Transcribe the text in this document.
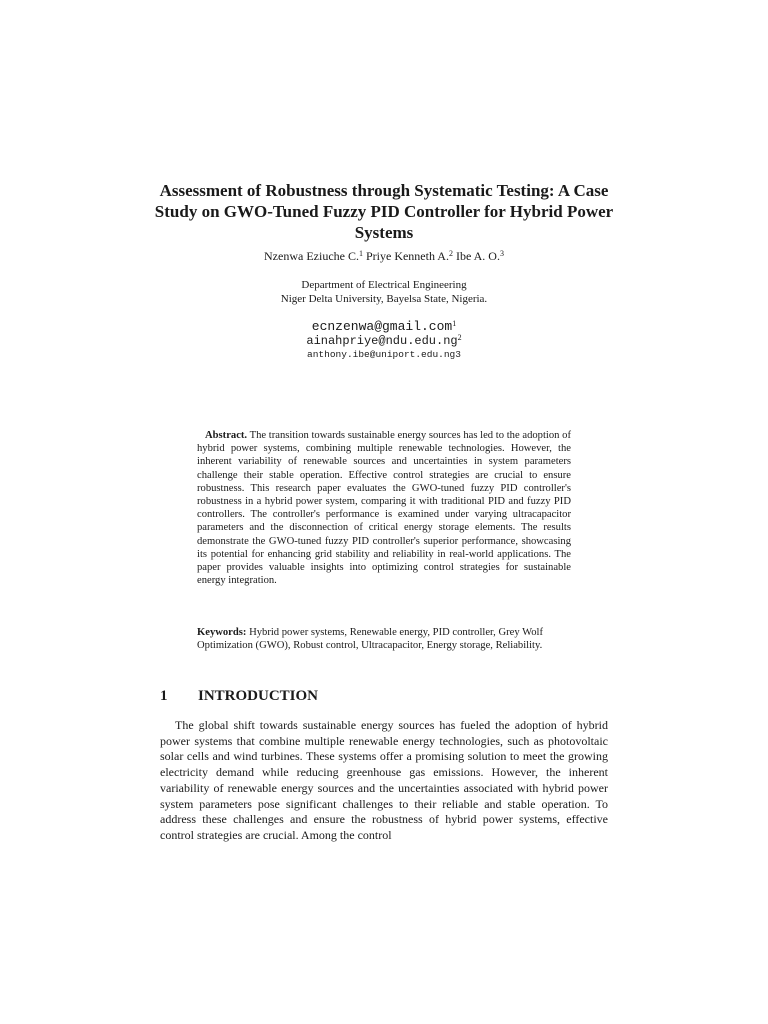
Assessment of Robustness through Systematic Testing: A Case Study on GWO-Tuned Fuzzy PID Controller for Hybrid Power Systems
Nzenwa Eziuche C.$^1$ Priye Kenneth A.$^2$ Ibe A. O.$^3$
Department of Electrical Engineering
Niger Delta University, Bayelsa State, Nigeria.
ecnzenwa@gmail.com$^1$
$ainahpriye@ndu.edu.ng^2$
anthony.ibe@uniport.edu.ng3

Abstract. The transition towards sustainable energy sources has led to the adoption of hybrid power systems, combining multiple renewable technologies. However, the inherent variability of renewable sources and uncertainties in system parameters challenge their stable operation. Effective control strategies are crucial to ensure robustness. This research paper evaluates the GWO-tuned fuzzy PID controller's robustness in a hybrid power system, comparing it with traditional PID and fuzzy PID controllers. The controller's performance is examined under varying ultracapacitor parameters and the disconnection of critical energy storage elements. The results demonstrate the GWO-tuned fuzzy PID controller's superior performance, showcasing its potential for enhancing grid stability and reliability in real-world applications. The paper provides valuable insights into optimizing control strategies for sustainable energy integration.

Keywords: Hybrid power systems, Renewable energy, PID controller, Grey Wolf Optimization (GWO), Robust control, Ultracapacitor, Energy storage, Reliability.

1 INTRODUCTION

The global shift towards sustainable energy sources has fueled the adoption of hybrid power systems that combine multiple renewable energy technologies, such as photovoltaic solar cells and wind turbines. These systems offer a promising solution to meet the growing electricity demand while reducing greenhouse gas emissions. However, the inherent variability of renewable energy sources and the uncertainties associated with hybrid power system parameters pose significant challenges to their reliable and stable operation. To address these challenges and ensure the robustness of hybrid power systems, effective control strategies are crucial. Among the control
